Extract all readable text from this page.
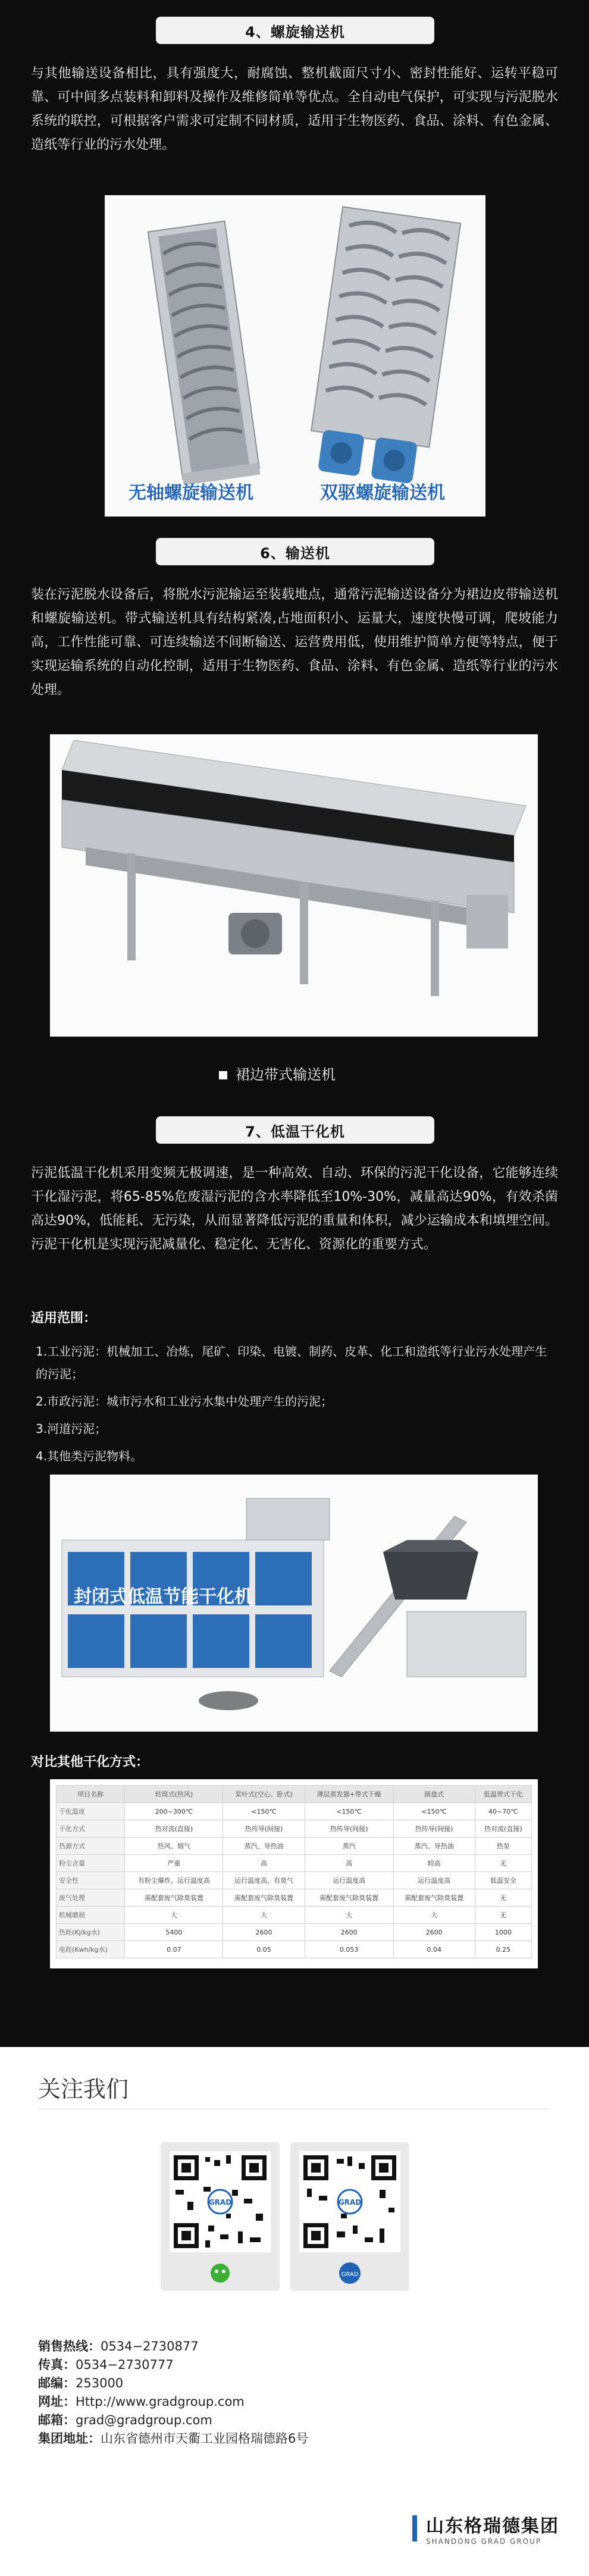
4、螺旋输送机

与其他输送设备相比，具有强度大，耐腐蚀、整机截面尺寸小、密封性能好、运转平稳可靠、可中间多点装料和卸料及操作及维修简单等优点。全自动电气保护，可实现与污泥脱水系统的联控，可根据客户需求可定制不同材质，适用于生物医药、食品、涂料、有色金属、造纸等行业的污水处理。

无轴螺旋输送机	双驱螺旋输送机
6、输送机

装在污泥脱水设备后，将脱水污泥输运至装载地点，通常污泥输送设备分为裙边皮带输送机和螺旋输送机。带式输送机具有结构紧凑,占地面积小、运量大，速度快慢可调，爬坡能力高，工作性能可靠、可连续输送不间断输送、运营费用低，使用维护简单方便等特点，便于实现运输系统的自动化控制，适用于生物医药、食品、涂料、有色金属、造纸等行业的污水处理。

裙边带式输送机
7、低温干化机

污泥低温干化机采用变频无极调速，是一种高效、自动、环保的污泥干化设备，它能够连续干化湿污泥，将65-85%危废湿污泥的含水率降低至10%-30%，减量高达90%，有效杀菌高达90%，低能耗、无污染，从而显著降低污泥的重量和体积，减少运输成本和填埋空间。污泥干化机是实现污泥减量化、稳定化、无害化、资源化的重要方式。

适用范围：
1.工业污泥：机械加工、冶炼，尾矿、印染、电镀、制药、皮革、化工和造纸等行业污水处理产生的污泥；
2.市政污泥：城市污水和工业污水集中处理产生的污泥；
3.河道污泥；
4.其他类污泥物料。
封闭式低温节能干化机
对比其他干化方式：
项目名称	转筒式(热风)	桨叶式(空心、卧式)	薄层蒸发器+带式干燥	圆盘式	低温带式干化
干化温度	200~300℃	<150℃	<150℃	<150℃	40~70℃
干化方式	热对流(直接)	热传导(间接)	热传导(间接)	热传导(间接)	热对流(直接)
热源方式	热风、烟气	蒸汽、导热油	蒸汽	蒸汽、导热油	热泵
粉尘含量	严重	高	高	较高	无
安全性	有粉尘爆炸，运行温度高	运行温度高，有臭气	运行温度高	运行温度高	低温安全
废气处理	需配套废气除臭装置	需配套废气除臭装置	需配套废气除臭装置	需配套废气除臭装置	无
机械磨损	大	大	大	大	无
热耗(Kj/kg水)	5400	2600	2600	2600	1000
电耗(Kwh/kg水)	0.07	0.05	0.053	0.04	0.25
关注我们
GRAD	GRAD
GRAD
销售热线：0534−2730877
传真：0534−2730777
邮编：253000
网址：Http://www.gradgroup.com
邮箱：grad@gradgroup.com
集团地址：山东省德州市天衢工业园格瑞德路6号

山东格瑞德集团
SHANDONG GRAD GROUP
